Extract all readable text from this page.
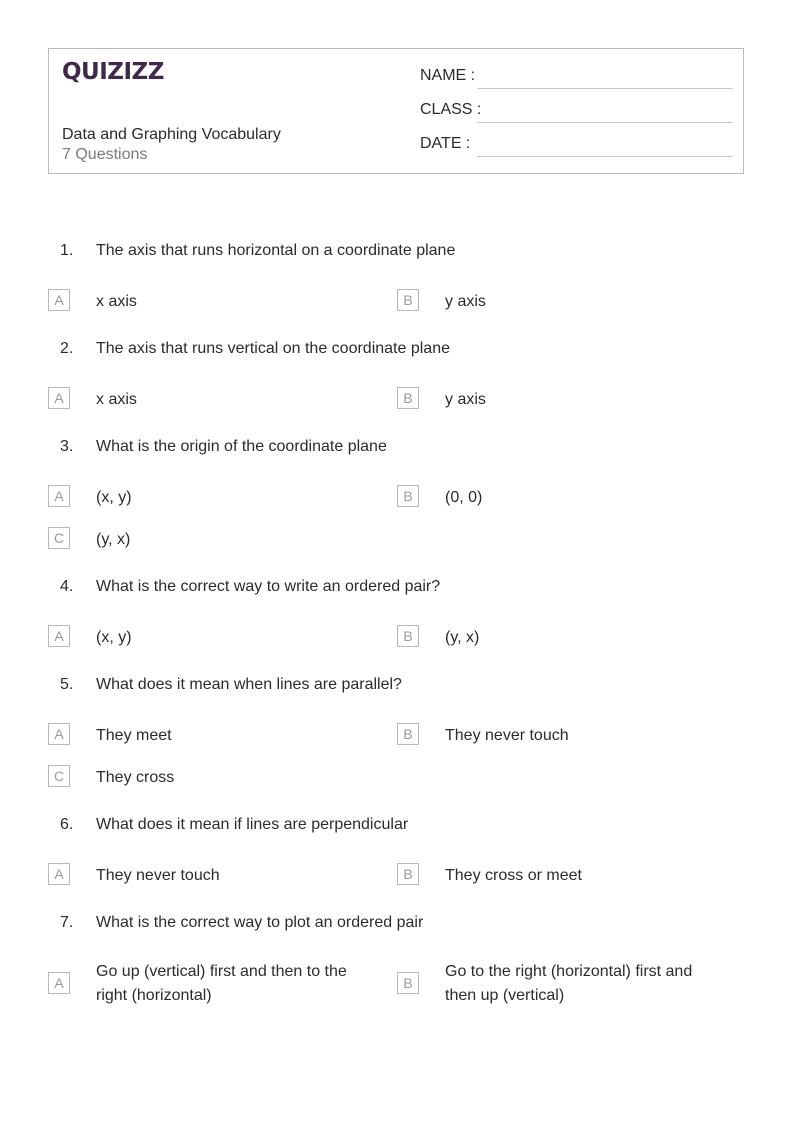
QUIZIZZ
Data and Graphing Vocabulary
7 Questions
NAME :
CLASS :
DATE :
1. The axis that runs horizontal on a coordinate plane
A	x axis	B	y axis
2. The axis that runs vertical on the coordinate plane
A	x axis	B	y axis
3. What is the origin of the coordinate plane
A	(x, y)	B	(0, 0)
C	(y, x)
4. What is the correct way to write an ordered pair?
A	(x, y)	B	(y, x)
5. What does it mean when lines are parallel?
A	They meet	B	They never touch
C	They cross
6. What does it mean if lines are perpendicular
A	They never touch	B	They cross or meet
7. What is the correct way to plot an ordered pair
A
Go up (vertical) first and then to the right (horizontal)
B
Go to the right (horizontal) first and then up (vertical)
